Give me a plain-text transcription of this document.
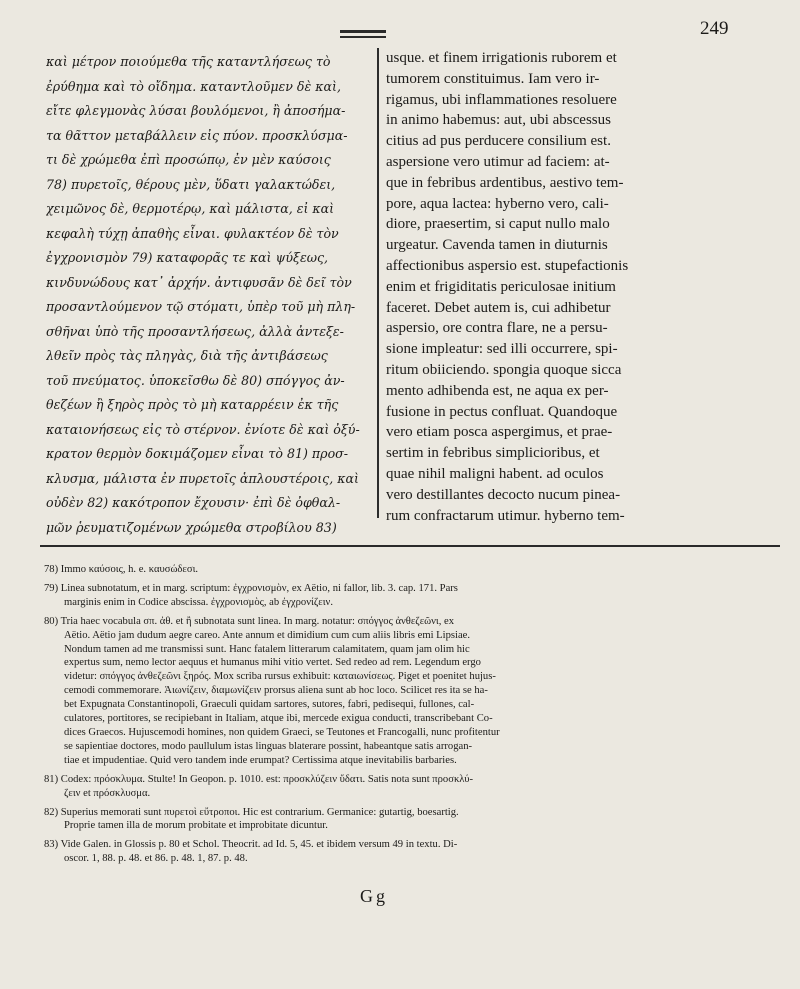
249
καὶ μέτρον ποιούμεθα τῆς καταντλήσεως τὸ
ἐρύθημα καὶ τὸ οἴδημα. καταντλοῦμεν δὲ καὶ,
εἴτε φλεγμονὰς λύσαι βουλόμενοι, ἢ ἀποσήμα-
τα θᾶττον μεταβάλλειν εἰς πύον. προσκλύσμα-
τι δὲ χρώμεθα ἐπὶ προσώπῳ, ἐν μὲν καύσοις
78) πυρετοῖς, θέρους μὲν, ὕδατι γαλακτώδει,
χειμῶνος δὲ, θερμοτέρῳ, καὶ μάλιστα, εἰ καὶ
κεφαλὴ τύχῃ ἀπαθὴς εἶναι. φυλακτέον δὲ τὸν
ἐγχρονισμὸν 79) καταφορᾶς τε καὶ ψύξεως,
κινδυνώδους κατ᾿ ἀρχήν. ἀντιφυσᾶν δὲ δεῖ τὸν
προσαντλούμενον τῷ στόματι, ὑπὲρ τοῦ μὴ πλη-
σθῆναι ὑπὸ τῆς προσαντλήσεως, ἀλλὰ ἀντεξε-
λθεῖν πρὸς τὰς πληγὰς, διὰ τῆς ἀντιβάσεως
τοῦ πνεύματος. ὑποκεῖσθω δὲ 80) σπόγγος ἀν-
θεζέων ἢ ξηρὸς πρὸς τὸ μὴ καταρρέειν ἐκ τῆς
καταιονήσεως εἰς τὸ στέρνον. ἐνίοτε δὲ καὶ ὀξύ-
κρατον θερμὸν δοκιμάζομεν εἶναι τὸ 81) προσ-
κλυσμα, μάλιστα ἐν πυρετοῖς ἁπλουστέροις, καὶ
οὐδὲν 82) κακότροπον ἔχουσιν· ἐπὶ δὲ ὀφθαλ-
μῶν ῥευματιζομένων χρώμεθα στροβίλου 83)
usque. et finem irrigationis ruborem et
tumorem constituimus. Iam vero ir-
rigamus, ubi inflammationes resoluere
in animo habemus: aut, ubi abscessus
citius ad pus perducere consilium est.
aspersione vero utimur ad faciem: at-
que in febribus ardentibus, aestivo tem-
pore, aqua lactea: hyberno vero, cali-
diore, praesertim, si caput nullo malo
urgeatur. Cavenda tamen in diuturnis
affectionibus aspersio est. stupefactionis
enim et frigiditatis periculosae initium
faceret. Debet autem is, cui adhibetur
aspersio, ore contra flare, ne a persu-
sione impleatur: sed illi occurrere, spi-
ritum obiiciendo. spongia quoque sicca
mento adhibenda est, ne aqua ex per-
fusione in pectus confluat. Quandoque
vero etiam posca aspergimus, et prae-
sertim in febribus simplicioribus, et
quae nihil maligni habent. ad oculos
vero destillantes decocto nucum pinea-
rum confractarum utimur. hyberno tem-
78) Immo καύσοις, h. e. καυσώδεσι.
79) Linea subnotatum, et in marg. scriptum: ἐγχρονισμὸν, ex Aëtio, ni fallor, lib. 3. cap. 171. Pars
marginis enim in Codice abscissa. ἐγχρονισμὸς, ab ἐγχρονίζειν.
80) Tria haec vocabula σπ. ἀθ. et ἢ subnotata sunt linea. In marg. notatur: σπόγγος ἀνθεζεῶνι, ex
Aëtio. Aëtio jam dudum aegre careo. Ante annum et dimidium cum cum aliis libris emi Lipsiae.
Nondum tamen ad me transmissi sunt. Hanc fatalem litterarum calamitatem, quam jam olim hic
expertus sum, nemo lector aequus et humanus mihi vitio vertet. Sed redeo ad rem. Legendum ergo
videtur: σπόγγος ἀνθεζεῶνι ξηρός. Mox scriba rursus exhibuit: καταιωνίσεως. Piget et poenitet hujus-
cemodi commemorare. Ἀιωνίζειν, διαμωνίζειν prorsus aliena sunt ab hoc loco. Scilicet res ita se ha-
bet Expugnata Constantinopoli, Graeculi quidam sartores, sutores, fabri, pedisequi, fullones, cal-
culatores, portitores, se recipiebant in Italiam, atque ibi, mercede exigua conducti, transcribebant Co-
dices Graecos. Hujuscemodi homines, non quidem Graeci, se Teutones et Francogalli, nunc profitentur
se sapientiae doctores, modo paullulum istas linguas blaterare possint, habeantque satis arrogan-
tiae et impudentiae. Quid vero tandem inde erumpat? Certissima atque inevitabilis barbaries.
81) Codex: πρόσκλυμα. Stulte! In Geopon. p. 1010. est: προσκλύζειν ὕδατι. Satis nota sunt προσκλύ-
ζειν et πρόσκλυσμα.
82) Superius memorati sunt πυρετοὶ εὔτροποι. Hic est contrarium. Germanice: gutartig, boesartig.
Proprie tamen illa de morum probitate et improbitate dicuntur.
83) Vide Galen. in Glossis p. 80 et Schol. Theocrit. ad Id. 5, 45. et ibidem versum 49 in textu. Di-
oscor. 1, 88. p. 48. et 86. p. 48. 1, 87. p. 48.
Gg
